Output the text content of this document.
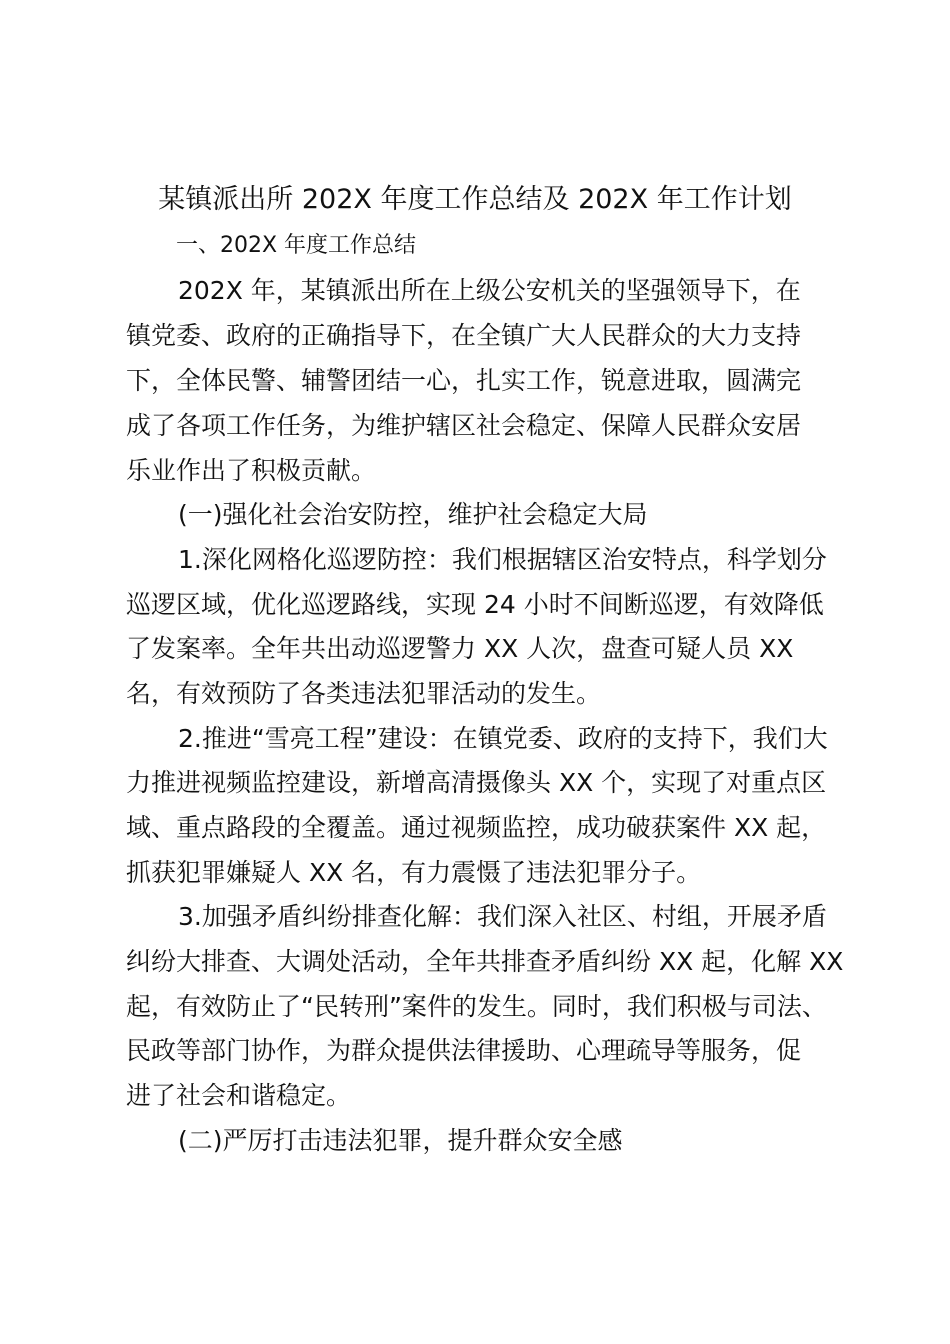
某镇派出所 202X 年度工作总结及 202X 年工作计划
一、202X 年度工作总结
202X 年，某镇派出所在上级公安机关的坚强领导下，在
镇党委、政府的正确指导下，在全镇广大人民群众的大力支持
下，全体民警、辅警团结一心，扎实工作，锐意进取，圆满完
成了各项工作任务，为维护辖区社会稳定、保障人民群众安居
乐业作出了积极贡献。
(一)强化社会治安防控，维护社会稳定大局
1.深化网格化巡逻防控：我们根据辖区治安特点，科学划分
巡逻区域，优化巡逻路线，实现 24 小时不间断巡逻，有效降低
了发案率。全年共出动巡逻警力 XX 人次，盘查可疑人员 XX
名，有效预防了各类违法犯罪活动的发生。
2.推进“雪亮工程”建设：在镇党委、政府的支持下，我们大
力推进视频监控建设，新增高清摄像头 XX 个，实现了对重点区
域、重点路段的全覆盖。通过视频监控，成功破获案件 XX 起，
抓获犯罪嫌疑人 XX 名，有力震慑了违法犯罪分子。
3.加强矛盾纠纷排查化解：我们深入社区、村组，开展矛盾
纠纷大排查、大调处活动，全年共排查矛盾纠纷 XX 起，化解 XX
起，有效防止了“民转刑”案件的发生。同时，我们积极与司法、
民政等部门协作，为群众提供法律援助、心理疏导等服务，促
进了社会和谐稳定。
(二)严厉打击违法犯罪，提升群众安全感
